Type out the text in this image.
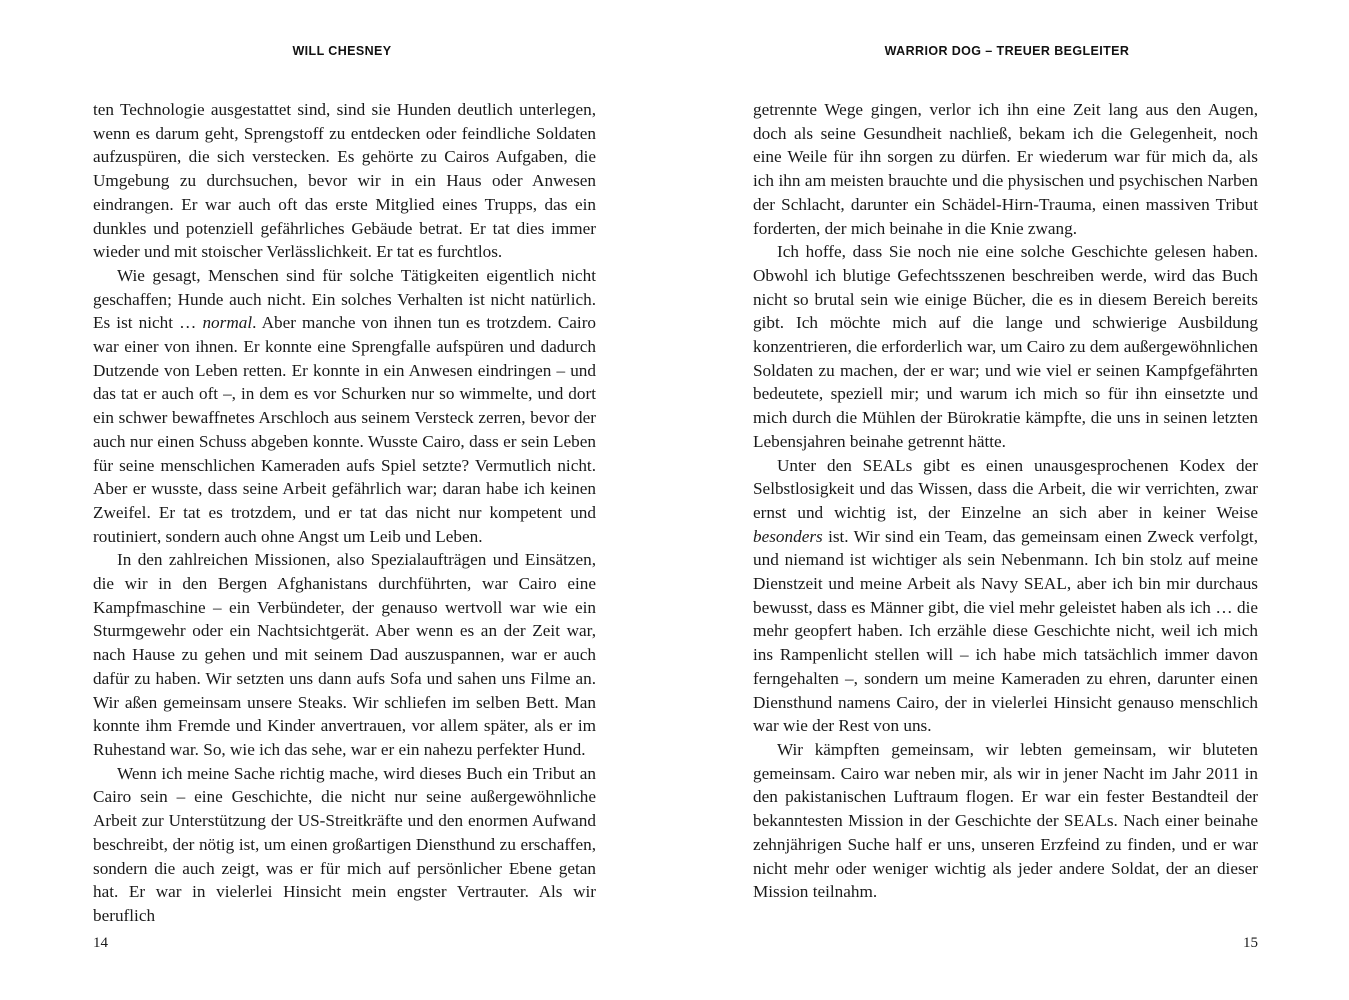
WILL CHESNEY

ten Technologie ausgestattet sind, sind sie Hunden deutlich unterlegen, wenn es darum geht, Sprengstoff zu entdecken oder feindliche Soldaten aufzuspüren, die sich verstecken. Es gehörte zu Cairos Aufgaben, die Umgebung zu durchsuchen, bevor wir in ein Haus oder Anwesen eindrangen. Er war auch oft das erste Mitglied eines Trupps, das ein dunkles und potenziell gefährliches Gebäude betrat. Er tat dies immer wieder und mit stoischer Verlässlichkeit. Er tat es furchtlos.

Wie gesagt, Menschen sind für solche Tätigkeiten eigentlich nicht geschaffen; Hunde auch nicht. Ein solches Verhalten ist nicht natürlich. Es ist nicht … normal. Aber manche von ihnen tun es trotzdem. Cairo war einer von ihnen. Er konnte eine Sprengfalle aufspüren und dadurch Dutzende von Leben retten. Er konnte in ein Anwesen eindringen – und das tat er auch oft –, in dem es vor Schurken nur so wimmelte, und dort ein schwer bewaffnetes Arschloch aus seinem Versteck zerren, bevor der auch nur einen Schuss abgeben konnte. Wusste Cairo, dass er sein Leben für seine menschlichen Kameraden aufs Spiel setzte? Vermutlich nicht. Aber er wusste, dass seine Arbeit gefährlich war; daran habe ich keinen Zweifel. Er tat es trotzdem, und er tat das nicht nur kompetent und routiniert, sondern auch ohne Angst um Leib und Leben.

In den zahlreichen Missionen, also Spezialaufträgen und Einsätzen, die wir in den Bergen Afghanistans durchführten, war Cairo eine Kampfmaschine – ein Verbündeter, der genauso wertvoll war wie ein Sturmgewehr oder ein Nachtsichtgerät. Aber wenn es an der Zeit war, nach Hause zu gehen und mit seinem Dad auszuspannen, war er auch dafür zu haben. Wir setzten uns dann aufs Sofa und sahen uns Filme an. Wir aßen gemeinsam unsere Steaks. Wir schliefen im selben Bett. Man konnte ihm Fremde und Kinder anvertrauen, vor allem später, als er im Ruhestand war. So, wie ich das sehe, war er ein nahezu perfekter Hund.

Wenn ich meine Sache richtig mache, wird dieses Buch ein Tribut an Cairo sein – eine Geschichte, die nicht nur seine außergewöhnliche Arbeit zur Unterstützung der US-Streitkräfte und den enormen Aufwand beschreibt, der nötig ist, um einen großartigen Diensthund zu erschaffen, sondern die auch zeigt, was er für mich auf persönlicher Ebene getan hat. Er war in vielerlei Hinsicht mein engster Vertrauter. Als wir beruflich

14
WARRIOR DOG – TREUER BEGLEITER

getrennte Wege gingen, verlor ich ihn eine Zeit lang aus den Augen, doch als seine Gesundheit nachließ, bekam ich die Gelegenheit, noch eine Weile für ihn sorgen zu dürfen. Er wiederum war für mich da, als ich ihn am meisten brauchte und die physischen und psychischen Narben der Schlacht, darunter ein Schädel-Hirn-Trauma, einen massiven Tribut forderten, der mich beinahe in die Knie zwang.

Ich hoffe, dass Sie noch nie eine solche Geschichte gelesen haben. Obwohl ich blutige Gefechtsszenen beschreiben werde, wird das Buch nicht so brutal sein wie einige Bücher, die es in diesem Bereich bereits gibt. Ich möchte mich auf die lange und schwierige Ausbildung konzentrieren, die erforderlich war, um Cairo zu dem außergewöhnlichen Soldaten zu machen, der er war; und wie viel er seinen Kampfgefährten bedeutete, speziell mir; und warum ich mich so für ihn einsetzte und mich durch die Mühlen der Bürokratie kämpfte, die uns in seinen letzten Lebensjahren beinahe getrennt hätte.

Unter den SEALs gibt es einen unausgesprochenen Kodex der Selbstlosigkeit und das Wissen, dass die Arbeit, die wir verrichten, zwar ernst und wichtig ist, der Einzelne an sich aber in keiner Weise besonders ist. Wir sind ein Team, das gemeinsam einen Zweck verfolgt, und niemand ist wichtiger als sein Nebenmann. Ich bin stolz auf meine Dienstzeit und meine Arbeit als Navy SEAL, aber ich bin mir durchaus bewusst, dass es Männer gibt, die viel mehr geleistet haben als ich … die mehr geopfert haben. Ich erzähle diese Geschichte nicht, weil ich mich ins Rampenlicht stellen will – ich habe mich tatsächlich immer davon ferngehalten –, sondern um meine Kameraden zu ehren, darunter einen Diensthund namens Cairo, der in vielerlei Hinsicht genauso menschlich war wie der Rest von uns.

Wir kämpften gemeinsam, wir lebten gemeinsam, wir bluteten gemeinsam. Cairo war neben mir, als wir in jener Nacht im Jahr 2011 in den pakistanischen Luftraum flogen. Er war ein fester Bestandteil der bekanntesten Mission in der Geschichte der SEALs. Nach einer beinahe zehnjährigen Suche half er uns, unseren Erzfeind zu finden, und er war nicht mehr oder weniger wichtig als jeder andere Soldat, der an dieser Mission teilnahm.

15
